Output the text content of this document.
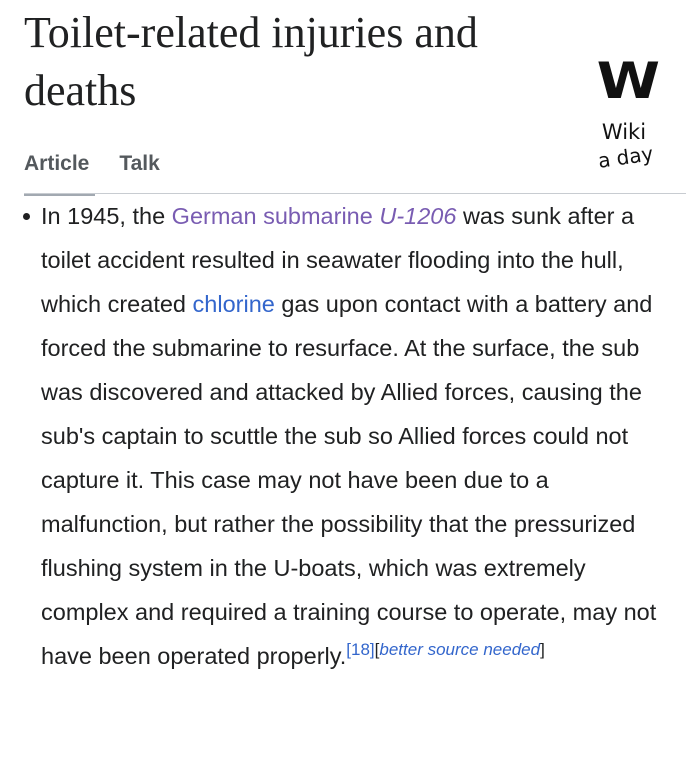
Toilet-related injuries and deaths	W
Wiki
a day
Article Talk
In 1945, the German submarine U-1206 was sunk after a toilet accident resulted in seawater flooding into the hull, which created chlorine gas upon contact with a battery and forced the submarine to resurface. At the surface, the sub was discovered and attacked by Allied forces, causing the sub's captain to scuttle the sub so Allied forces could not capture it. This case may not have been due to a malfunction, but rather the possibility that the pressurized flushing system in the U-boats, which was extremely complex and required a training course to operate, may not have been operated properly.[18][better source needed]
